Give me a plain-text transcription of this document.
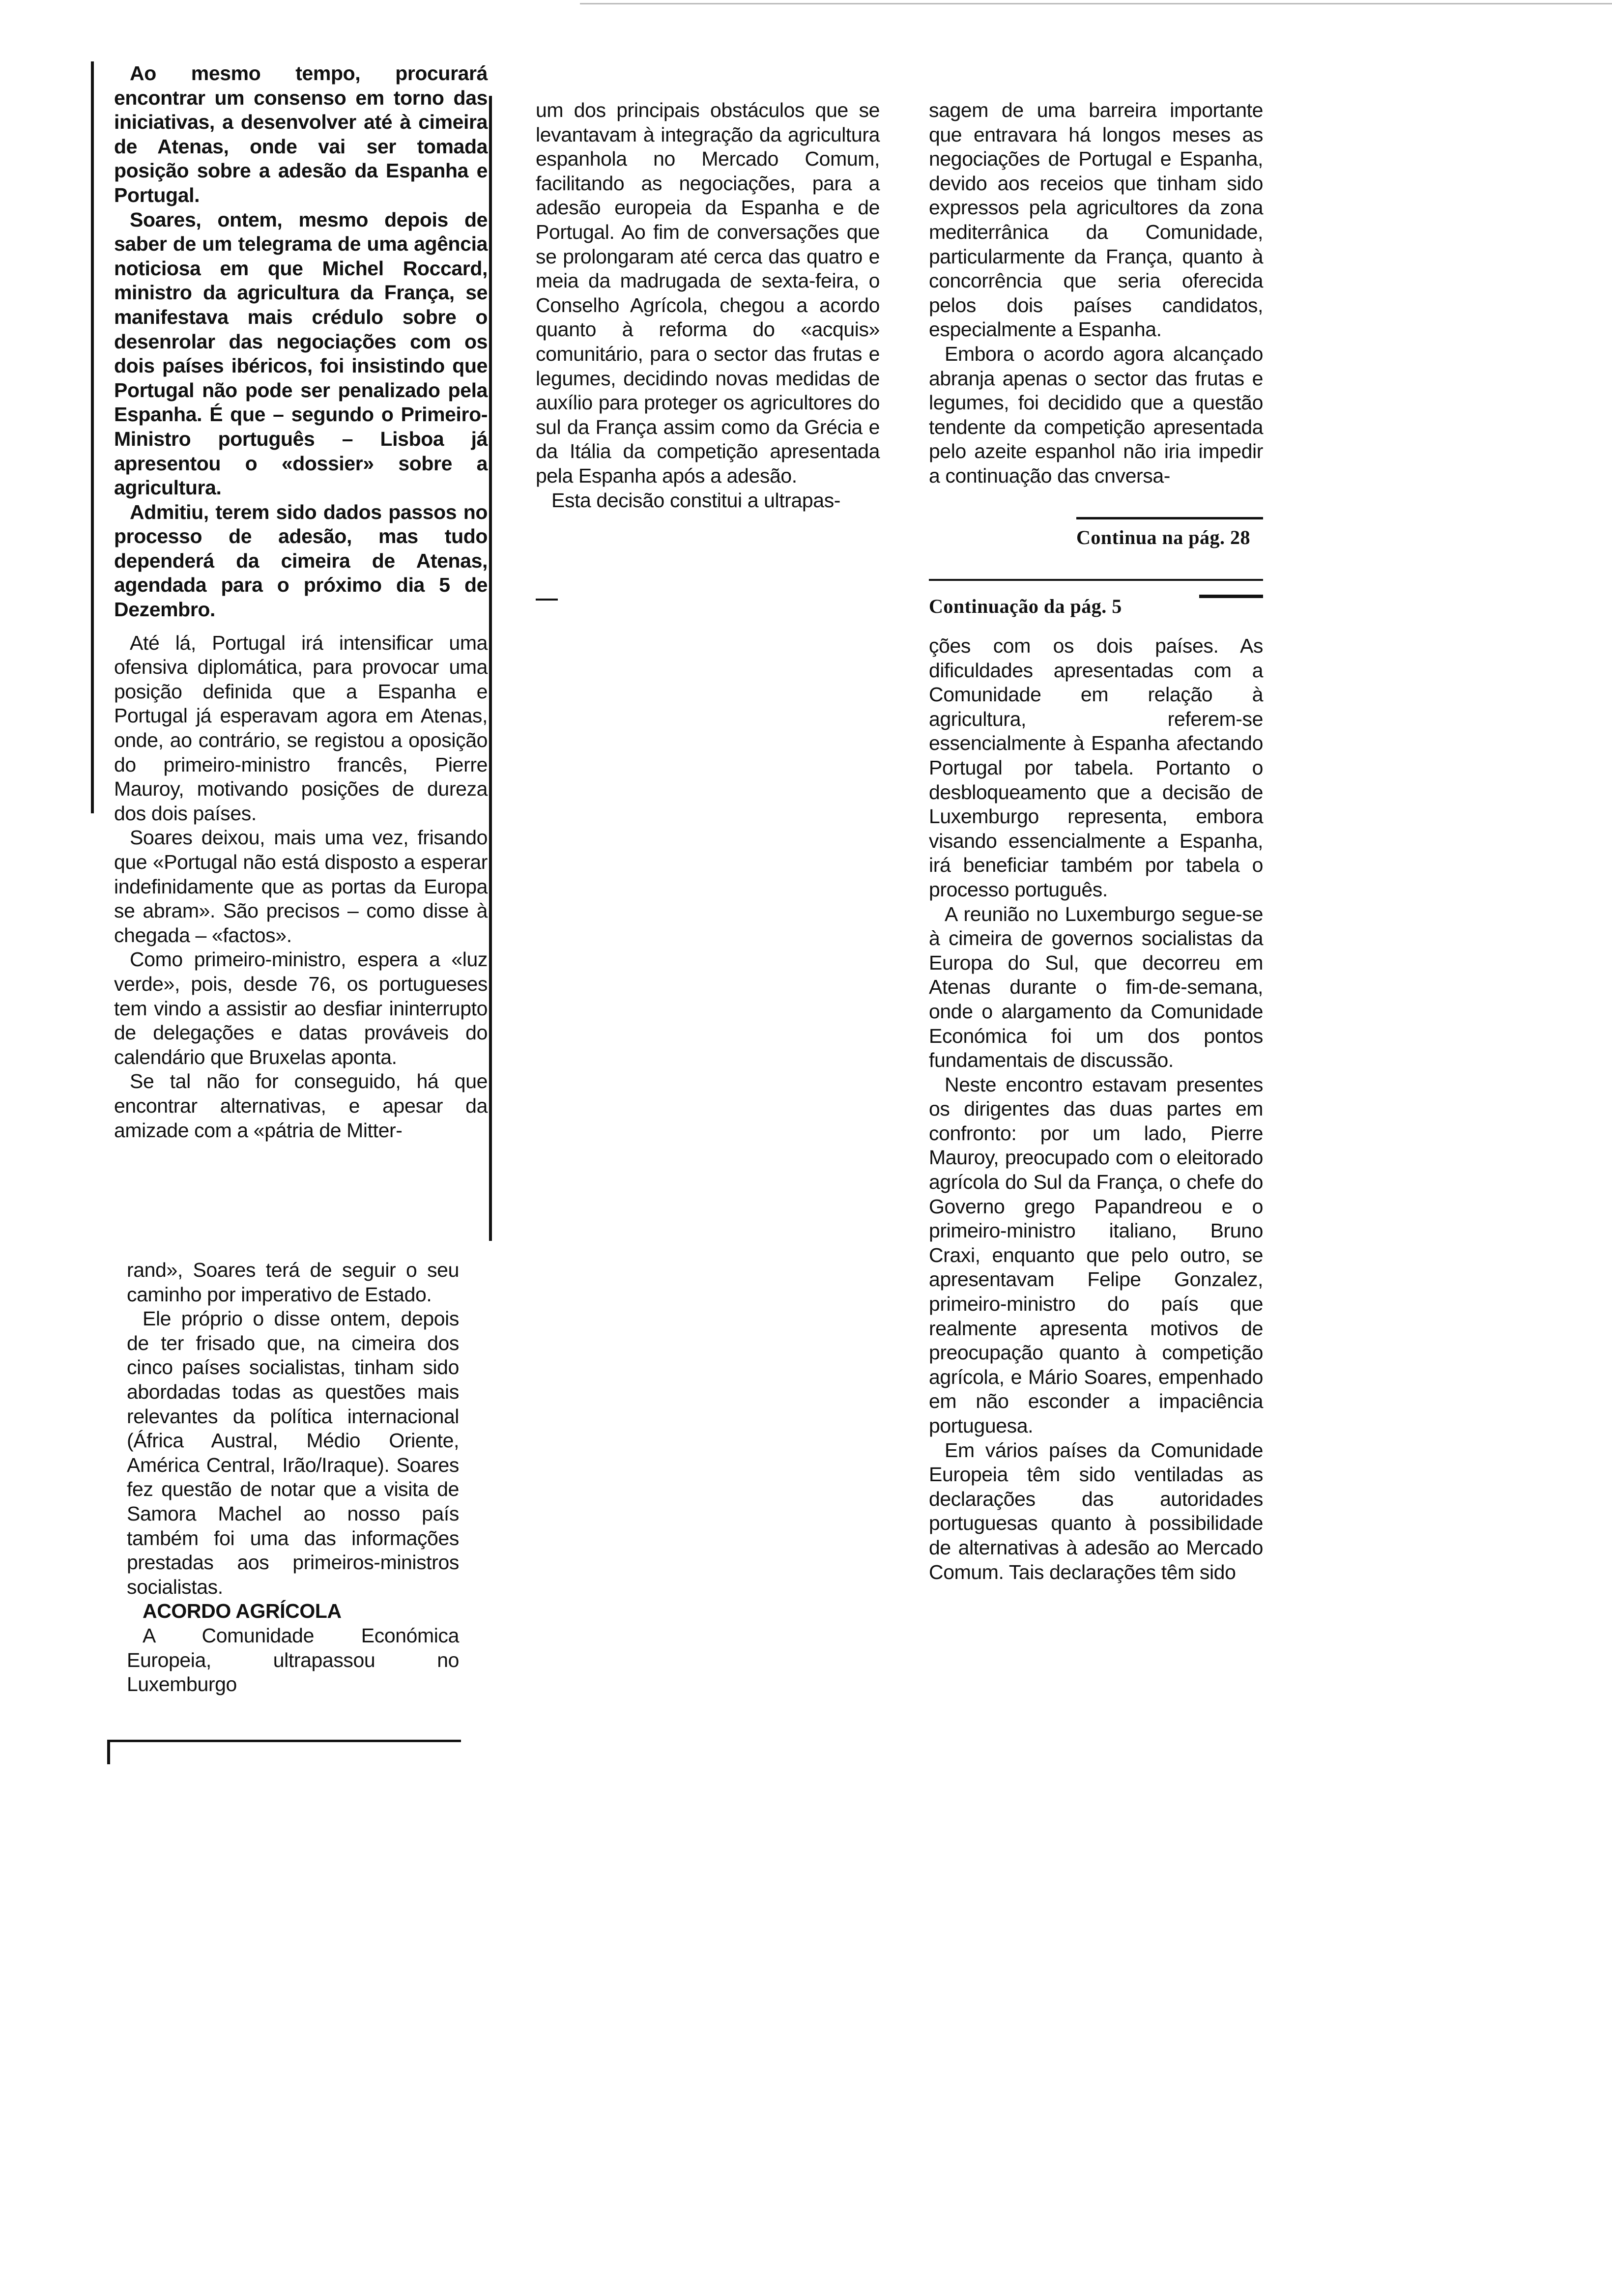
Ao mesmo tempo, procurará encontrar um consenso em torno das iniciativas, a desenvolver até à cimeira de Atenas, onde vai ser tomada posição sobre a adesão da Espanha e Portugal.

Soares, ontem, mesmo depois de saber de um telegrama de uma agência noticiosa em que Michel Roccard, ministro da agricultura da França, se manifestava mais crédulo sobre o desenrolar das negociações com os dois países ibéricos, foi insistindo que Portugal não pode ser penalizado pela Espanha. É que – segundo o Primeiro-Ministro português – Lisboa já apresentou o «dossier» sobre a agricultura.

Admitiu, terem sido dados passos no processo de adesão, mas tudo dependerá da cimeira de Atenas, agendada para o próximo dia 5 de Dezembro.

Até lá, Portugal irá intensificar uma ofensiva diplomática, para provocar uma posição definida que a Espanha e Portugal já esperavam agora em Atenas, onde, ao contrário, se registou a oposição do primeiro-ministro francês, Pierre Mauroy, motivando posições de dureza dos dois países.

Soares deixou, mais uma vez, frisando que «Portugal não está disposto a esperar indefinidamente que as portas da Europa se abram». São precisos – como disse à chegada – «factos».

Como primeiro-ministro, espera a «luz verde», pois, desde 76, os portugueses tem vindo a assistir ao desfiar ininterrupto de delegações e datas prováveis do calendário que Bruxelas aponta.

Se tal não for conseguido, há que encontrar alternativas, e apesar da amizade com a «pátria de Mitter-

rand», Soares terá de seguir o seu caminho por imperativo de Estado.

Ele próprio o disse ontem, depois de ter frisado que, na cimeira dos cinco países socialistas, tinham sido abordadas todas as questões mais relevantes da política internacional (África Austral, Médio Oriente, América Central, Irão/Iraque). Soares fez questão de notar que a visita de Samora Machel ao nosso país também foi uma das informações prestadas aos primeiros-ministros socialistas.

ACORDO AGRÍCOLA

A Comunidade Económica Europeia, ultrapassou no Luxemburgo

um dos principais obstáculos que se levantavam à integração da agricultura espanhola no Mercado Comum, facilitando as negociações, para a adesão europeia da Espanha e de Portugal. Ao fim de conversações que se prolongaram até cerca das quatro e meia da madrugada de sexta-feira, o Conselho Agrícola, chegou a acordo quanto à reforma do «acquis» comunitário, para o sector das frutas e legumes, decidindo novas medidas de auxílio para proteger os agricultores do sul da França assim como da Grécia e da Itália da competição apresentada pela Espanha após a adesão.

Esta decisão constitui a ultrapas-

sagem de uma barreira importante que entravara há longos meses as negociações de Portugal e Espanha, devido aos receios que tinham sido expressos pela agricultores da zona mediterrânica da Comunidade, particularmente da França, quanto à concorrência que seria oferecida pelos dois países candidatos, especialmente a Espanha.

Embora o acordo agora alcançado abranja apenas o sector das frutas e legumes, foi decidido que a questão tendente da competição apresentada pelo azeite espanhol não iria impedir a continuação das cnversa-

Continua na pág. 28
Continuação da pág. 5

ções com os dois países. As dificuldades apresentadas com a Comunidade em relação à agricultura, referem-se essencialmente à Espanha afectando Portugal por tabela. Portanto o desbloqueamento que a decisão de Luxemburgo representa, embora visando essencialmente a Espanha, irá beneficiar também por tabela o processo português.

A reunião no Luxemburgo segue-se à cimeira de governos socialistas da Europa do Sul, que decorreu em Atenas durante o fim-de-semana, onde o alargamento da Comunidade Económica foi um dos pontos fundamentais de discussão.

Neste encontro estavam presentes os dirigentes das duas partes em confronto: por um lado, Pierre Mauroy, preocupado com o eleitorado agrícola do Sul da França, o chefe do Governo grego Papandreou e o primeiro-ministro italiano, Bruno Craxi, enquanto que pelo outro, se apresentavam Felipe Gonzalez, primeiro-ministro do país que realmente apresenta motivos de preocupação quanto à competição agrícola, e Mário Soares, empenhado em não esconder a impaciência portuguesa.

Em vários países da Comunidade Europeia têm sido ventiladas as declarações das autoridades portuguesas quanto à possibilidade de alternativas à adesão ao Mercado Comum. Tais declarações têm sido
